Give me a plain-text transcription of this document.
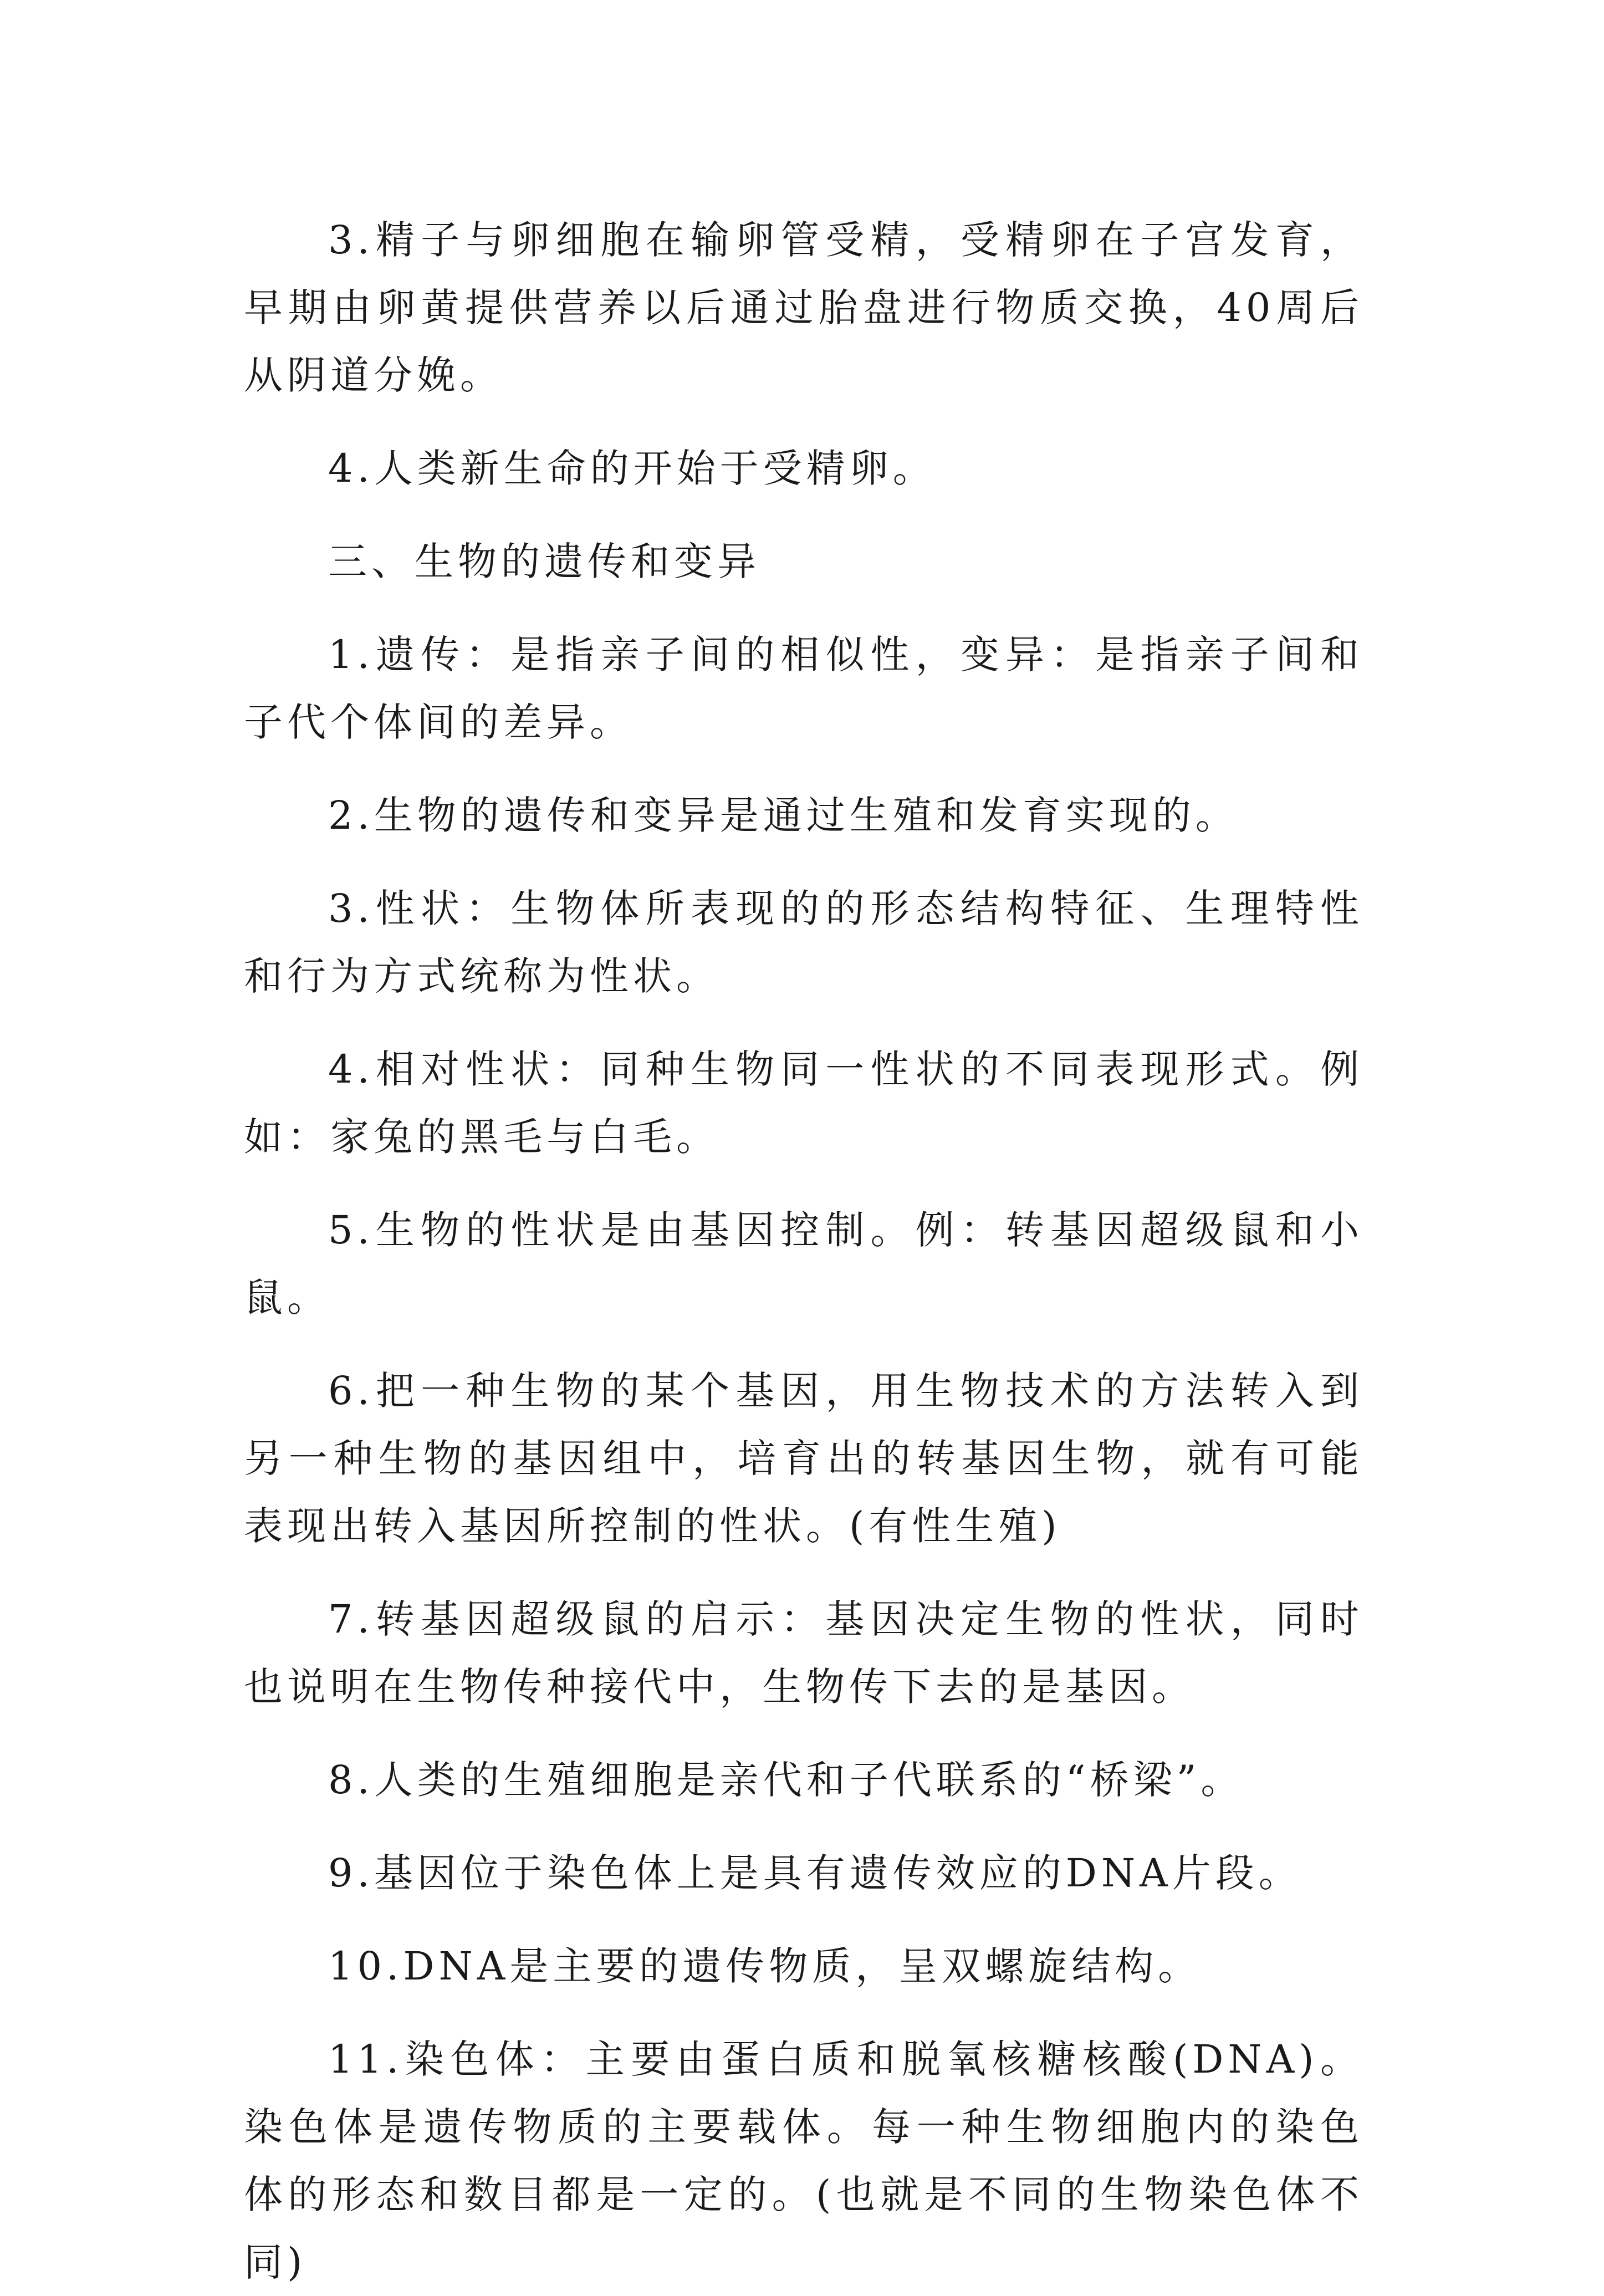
3.精子与卵细胞在输卵管受精，受精卵在子宫发育，早期由卵黄提供营养以后通过胎盘进行物质交换，40周后从阴道分娩。

4.人类新生命的开始于受精卵。

三、生物的遗传和变异

1.遗传：是指亲子间的相似性，变异：是指亲子间和子代个体间的差异。

2.生物的遗传和变异是通过生殖和发育实现的。

3.性状：生物体所表现的的形态结构特征、生理特性和行为方式统称为性状。

4.相对性状：同种生物同一性状的不同表现形式。例如：家兔的黑毛与白毛。

5.生物的性状是由基因控制。例：转基因超级鼠和小鼠。

6.把一种生物的某个基因，用生物技术的方法转入到另一种生物的基因组中，培育出的转基因生物，就有可能表现出转入基因所控制的性状。(有性生殖)

7.转基因超级鼠的启示：基因决定生物的性状，同时也说明在生物传种接代中，生物传下去的是基因。

8.人类的生殖细胞是亲代和子代联系的“桥梁”。

9.基因位于染色体上是具有遗传效应的DNA片段。

10.DNA是主要的遗传物质，呈双螺旋结构。

11.染色体：主要由蛋白质和脱氧核糖核酸(DNA)。染色体是遗传物质的主要载体。每一种生物细胞内的染色体的形态和数目都是一定的。(也就是不同的生物染色体不同)
